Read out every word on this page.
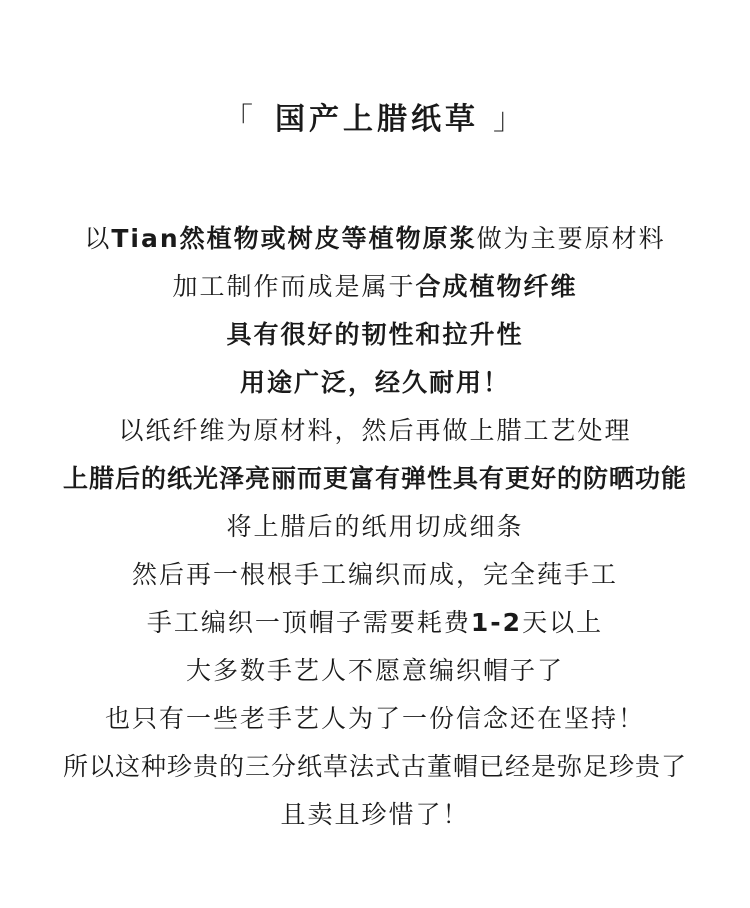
「 国产上腊纸草 」
以Tian然植物或树皮等植物原浆做为主要原材料
加工制作而成是属于合成植物纤维
具有很好的韧性和拉升性
用途广泛，经久耐用！
以纸纤维为原材料，然后再做上腊工艺处理
上腊后的纸光泽亮丽而更富有弹性具有更好的防晒功能
将上腊后的纸用切成细条
然后再一根根手工编织而成，完全莼手工
手工编织一顶帽子需要耗费1-2天以上
大多数手艺人不愿意编织帽子了
也只有一些老手艺人为了一份信念还在坚持！
所以这种珍贵的三分纸草法式古董帽已经是弥足珍贵了
且卖且珍惜了！
